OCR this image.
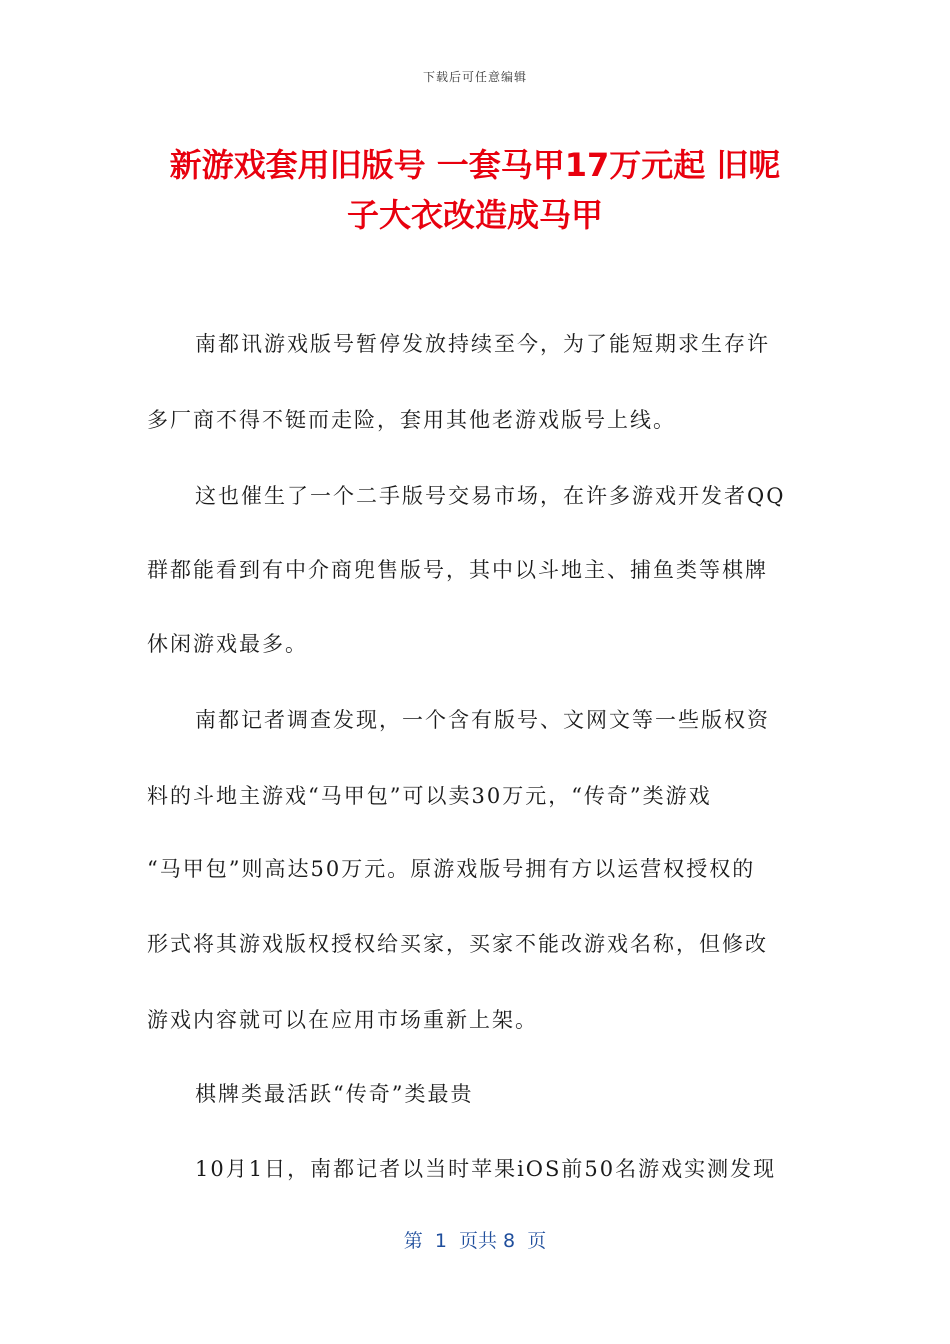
下载后可任意编辑
新游戏套用旧版号 一套马甲17万元起 旧呢
子大衣改造成马甲
南都讯游戏版号暂停发放持续至今，为了能短期求生存许
多厂商不得不铤而走险，套用其他老游戏版号上线。
这也催生了一个二手版号交易市场，在许多游戏开发者QQ
群都能看到有中介商兜售版号，其中以斗地主、捕鱼类等棋牌
休闲游戏最多。
南都记者调查发现，一个含有版号、文网文等一些版权资
料的斗地主游戏“马甲包”可以卖30万元，“传奇”类游戏
“马甲包”则高达50万元。原游戏版号拥有方以运营权授权的
形式将其游戏版权授权给买家，买家不能改游戏名称，但修改
游戏内容就可以在应用市场重新上架。
棋牌类最活跃“传奇”类最贵
10月1日，南都记者以当时苹果iOS前50名游戏实测发现
第  1  页共 8  页
